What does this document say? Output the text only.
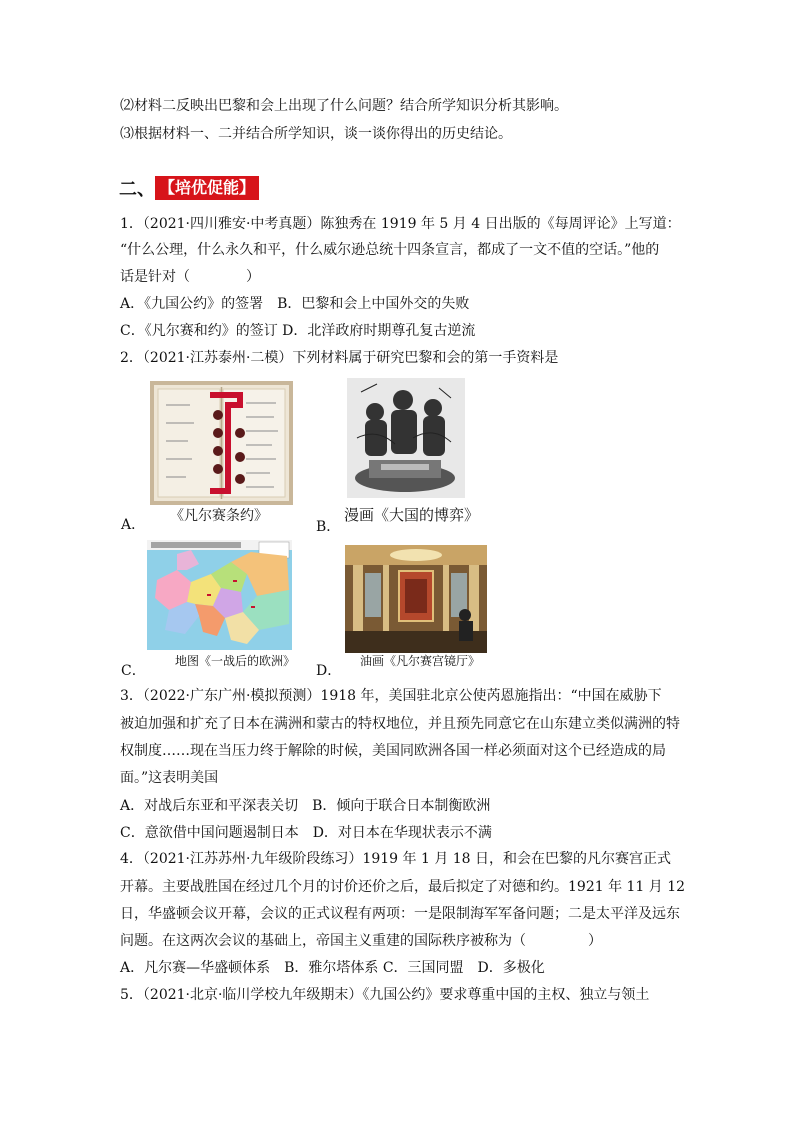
⑵材料二反映出巴黎和会上出现了什么问题？结合所学知识分析其影响。
⑶根据材料一、二并结合所学知识，谈一谈你得出的历史结论。
二、 【培优促能】
1．（2021·四川雅安·中考真题）陈独秀在 1919 年 5 月 4 日出版的《每周评论》上写道：
“什么公理，什么永久和平，什么威尔逊总统十四条宣言，都成了一文不值的空话。”他的
话是针对（	）
A．《九国公约》的签署　B．巴黎和会上中国外交的失败
C．《凡尔赛和约》的签订 D．北洋政府时期尊孔复古逆流
2．（2021·江苏泰州·二模）下列材料属于研究巴黎和会的第一手资料是
A．
《凡尔赛条约》
B．
漫画《大国的博弈》
C．
地图《一战后的欧洲》
D．
油画《凡尔赛宫镜厅》
3．（2022·广东广州·模拟预测）1918 年，美国驻北京公使芮恩施指出：“中国在威胁下
被迫加强和扩充了日本在满洲和蒙古的特权地位，并且预先同意它在山东建立类似满洲的特
权制度……现在当压力终于解除的时候，美国同欧洲各国一样必须面对这个已经造成的局
面。”这表明美国
A．对战后东亚和平深表关切　B．倾向于联合日本制衡欧洲
C．意欲借中国问题遏制日本　D．对日本在华现状表示不满
4．（2021·江苏苏州·九年级阶段练习）1919 年 1 月 18 日，和会在巴黎的凡尔赛宫正式
开幕。主要战胜国在经过几个月的讨价还价之后，最后拟定了对德和约。1921 年 11 月 12
日，华盛顿会议开幕，会议的正式议程有两项：一是限制海军军备问题；二是太平洋及远东
问题。在这两次会议的基础上，帝国主义重建的国际秩序被称为（	）
A．凡尔赛—华盛顿体系　B．雅尔塔体系 C．三国同盟　D．多极化
5．（2021·北京·临川学校九年级期末）《九国公约》要求尊重中国的主权、独立与领土
